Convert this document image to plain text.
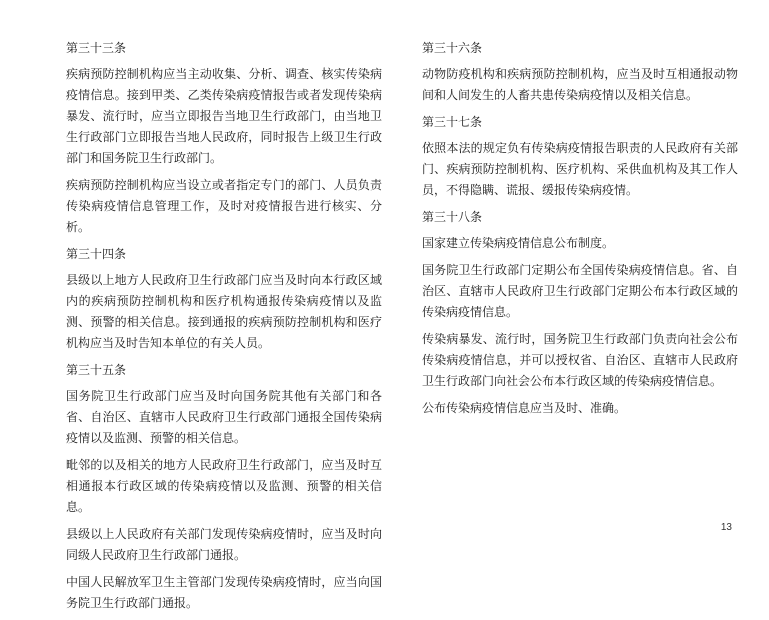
第三十三条

疾病预防控制机构应当主动收集、分析、调查、核实传染病疫情信息。接到甲类、乙类传染病疫情报告或者发现传染病暴发、流行时，应当立即报告当地卫生行政部门，由当地卫生行政部门立即报告当地人民政府，同时报告上级卫生行政部门和国务院卫生行政部门。

疾病预防控制机构应当设立或者指定专门的部门、人员负责传染病疫情信息管理工作，及时对疫情报告进行核实、分析。

第三十四条

县级以上地方人民政府卫生行政部门应当及时向本行政区域内的疾病预防控制机构和医疗机构通报传染病疫情以及监测、预警的相关信息。接到通报的疾病预防控制机构和医疗机构应当及时告知本单位的有关人员。

第三十五条

国务院卫生行政部门应当及时向国务院其他有关部门和各省、自治区、直辖市人民政府卫生行政部门通报全国传染病疫情以及监测、预警的相关信息。

毗邻的以及相关的地方人民政府卫生行政部门，应当及时互相通报本行政区域的传染病疫情以及监测、预警的相关信息。

县级以上人民政府有关部门发现传染病疫情时，应当及时向同级人民政府卫生行政部门通报。

中国人民解放军卫生主管部门发现传染病疫情时，应当向国务院卫生行政部门通报。

第三十六条

动物防疫机构和疾病预防控制机构，应当及时互相通报动物间和人间发生的人畜共患传染病疫情以及相关信息。

第三十七条

依照本法的规定负有传染病疫情报告职责的人民政府有关部门、疾病预防控制机构、医疗机构、采供血机构及其工作人员，不得隐瞒、谎报、缓报传染病疫情。

第三十八条

国家建立传染病疫情信息公布制度。

国务院卫生行政部门定期公布全国传染病疫情信息。省、自治区、直辖市人民政府卫生行政部门定期公布本行政区域的传染病疫情信息。

传染病暴发、流行时，国务院卫生行政部门负责向社会公布传染病疫情信息，并可以授权省、自治区、直辖市人民政府卫生行政部门向社会公布本行政区域的传染病疫情信息。

公布传染病疫情信息应当及时、准确。

13
